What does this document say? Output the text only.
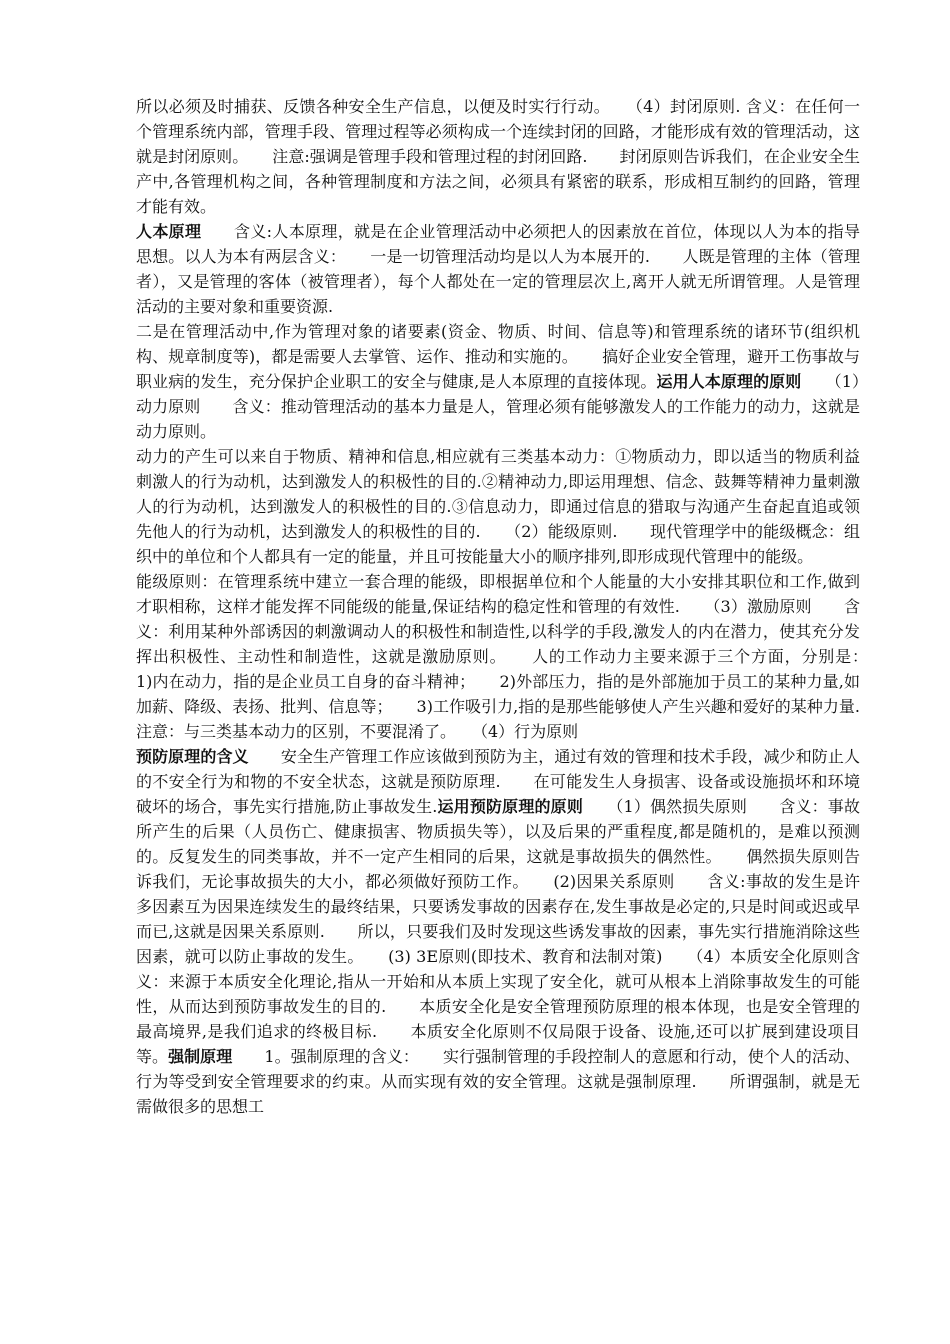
所以必须及时捕获、反馈各种安全生产信息，以便及时实行行动。　　（4）封闭原则. 含义：在任何一个管理系统内部，管理手段、管理过程等必须构成一个连续封闭的回路，才能形成有效的管理活动，这就是封闭原则。　　注意:强调是管理手段和管理过程的封闭回路.　　封闭原则告诉我们，在企业安全生产中,各管理机构之间，各种管理制度和方法之间，必须具有紧密的联系，形成相互制约的回路，管理才能有效。

人本原理　　含义:人本原理，就是在企业管理活动中必须把人的因素放在首位，体现以人为本的指导思想。以人为本有两层含义：　　一是一切管理活动均是以人为本展开的.　　人既是管理的主体（管理者），又是管理的客体（被管理者），每个人都处在一定的管理层次上,离开人就无所谓管理。人是管理活动的主要对象和重要资源.

二是在管理活动中,作为管理对象的诸要素(资金、物质、时间、信息等)和管理系统的诸环节(组织机构、规章制度等)，都是需要人去掌管、运作、推动和实施的。　　搞好企业安全管理，避开工伤事故与职业病的发生，充分保护企业职工的安全与健康,是人本原理的直接体现。运用人本原理的原则　　（1）动力原则　　含义：推动管理活动的基本力量是人，管理必须有能够激发人的工作能力的动力，这就是动力原则。

动力的产生可以来自于物质、精神和信息,相应就有三类基本动力：①物质动力，即以适当的物质利益刺激人的行为动机，达到激发人的积极性的目的.②精神动力,即运用理想、信念、鼓舞等精神力量刺激人的行为动机，达到激发人的积极性的目的.③信息动力，即通过信息的猎取与沟通产生奋起直追或领先他人的行为动机，达到激发人的积极性的目的.　　（2）能级原则.　　现代管理学中的能级概念：组织中的单位和个人都具有一定的能量，并且可按能量大小的顺序排列,即形成现代管理中的能级。

能级原则：在管理系统中建立一套合理的能级，即根据单位和个人能量的大小安排其职位和工作,做到才职相称，这样才能发挥不同能级的能量,保证结构的稳定性和管理的有效性.　　（3）激励原则　　含义：利用某种外部诱因的刺激调动人的积极性和制造性,以科学的手段,激发人的内在潜力，使其充分发挥出积极性、主动性和制造性，这就是激励原则。　　人的工作动力主要来源于三个方面，分别是：　　1)内在动力，指的是企业员工自身的奋斗精神；　　2)外部压力，指的是外部施加于员工的某种力量,如加薪、降级、表扬、批判、信息等；　　3)工作吸引力,指的是那些能够使人产生兴趣和爱好的某种力量.　　注意：与三类基本动力的区别，不要混淆了。　　（4）行为原则

预防原理的含义　　安全生产管理工作应该做到预防为主，通过有效的管理和技术手段，减少和防止人的不安全行为和物的不安全状态，这就是预防原理.　　在可能发生人身损害、设备或设施损坏和环境破坏的场合，事先实行措施,防止事故发生.运用预防原理的原则　　（1）偶然损失原则　　含义：事故所产生的后果（人员伤亡、健康损害、物质损失等），以及后果的严重程度,都是随机的，是难以预测的。反复发生的同类事故，并不一定产生相同的后果，这就是事故损失的偶然性。　　偶然损失原则告诉我们，无论事故损失的大小，都必须做好预防工作。　　(2)因果关系原则　　含义:事故的发生是许多因素互为因果连续发生的最终结果，只要诱发事故的因素存在,发生事故是必定的,只是时间或迟或早而已,这就是因果关系原则.　　所以，只要我们及时发现这些诱发事故的因素，事先实行措施消除这些因素，就可以防止事故的发生。　　(3) 3E原则(即技术、教育和法制对策)　　（4）本质安全化原则含义：来源于本质安全化理论,指从一开始和从本质上实现了安全化，就可从根本上消除事故发生的可能性，从而达到预防事故发生的目的.　　本质安全化是安全管理预防原理的根本体现，也是安全管理的最高境界,是我们追求的终极目标.　　本质安全化原则不仅局限于设备、设施,还可以扩展到建设项目等。强制原理　　1。强制原理的含义：　　实行强制管理的手段控制人的意愿和行动，使个人的活动、行为等受到安全管理要求的约束。从而实现有效的安全管理。这就是强制原理.　　所谓强制，就是无需做很多的思想工
